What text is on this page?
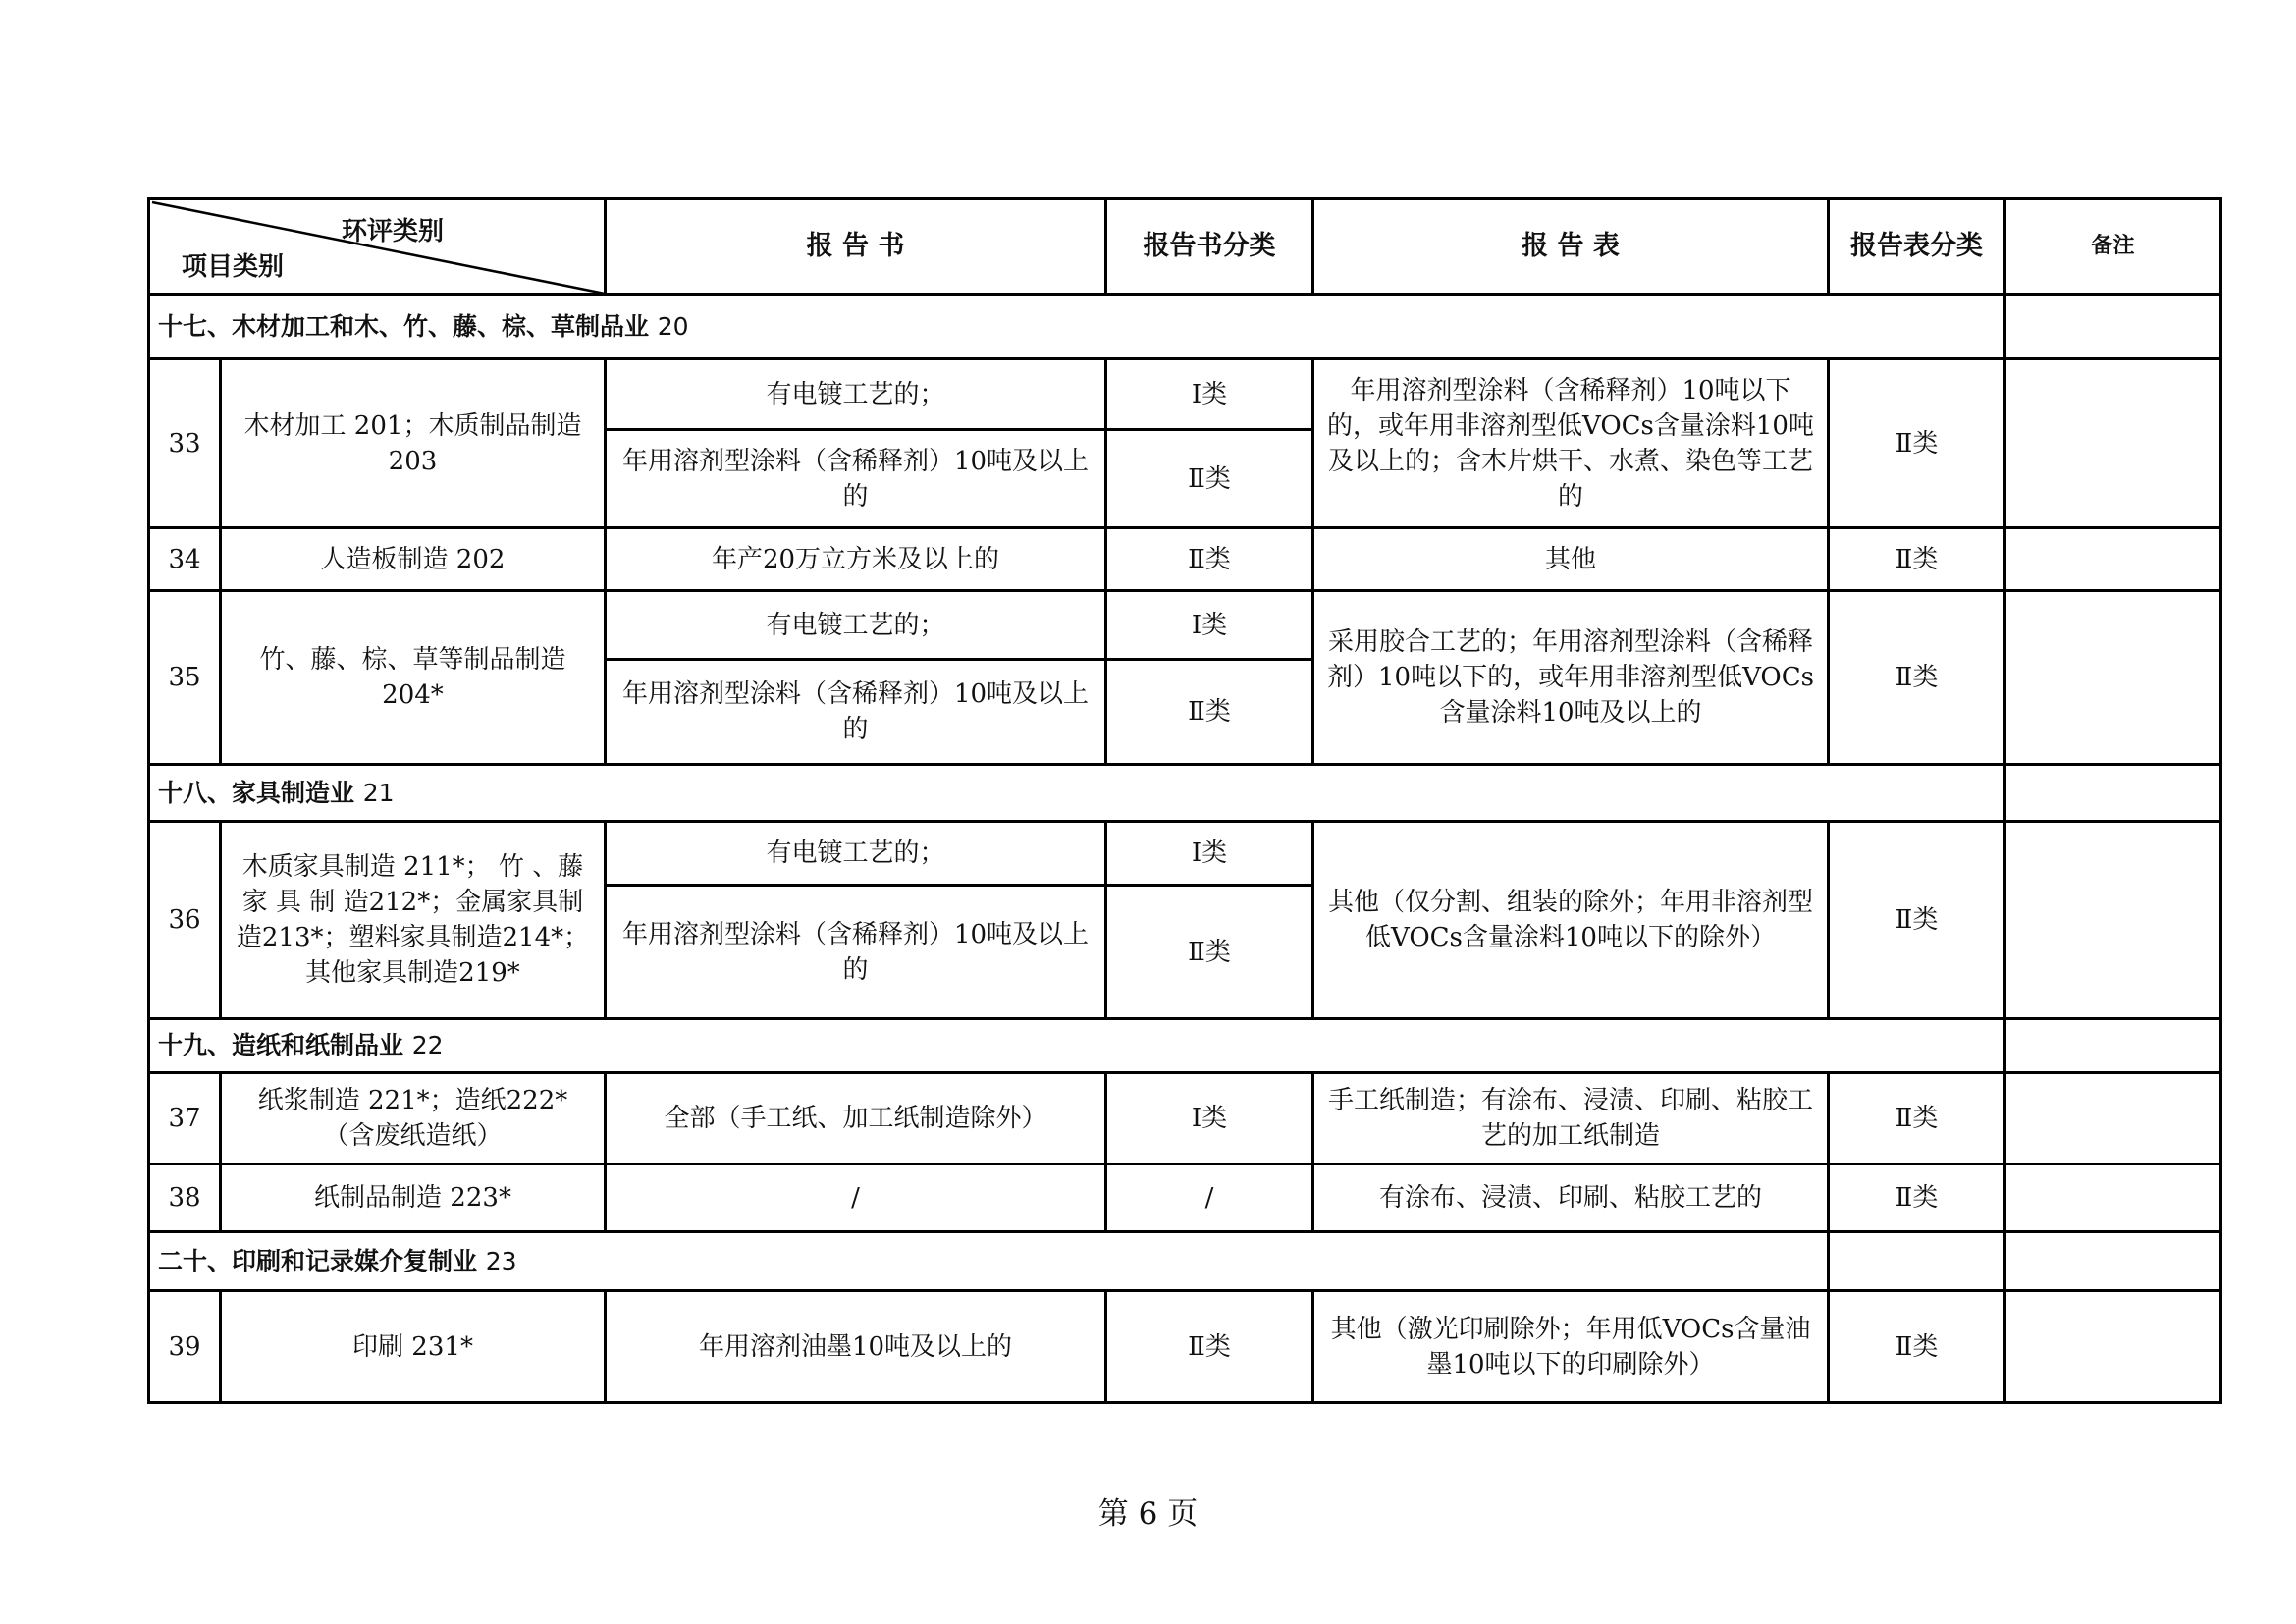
环评类别
项目类别		报 告 书	报告书分类	报 告 表	报告表分类	备注
十七、木材加工和木、竹、藤、棕、草制品业 20						
33	木材加工 201；木质制品制造203	有电镀工艺的；	Ⅰ类	年用溶剂型涂料（含稀释剂）10吨以下的，或年用非溶剂型低VOCs含量涂料10吨及以上的；含木片烘干、水煮、染色等工艺的	Ⅱ类	
		年用溶剂型涂料（含稀释剂）10吨及以上的	Ⅱ类			
34	人造板制造 202	年产20万立方米及以上的	Ⅱ类	其他	Ⅱ类	
35	竹、藤、棕、草等制品制造204*	有电镀工艺的；	Ⅰ类	采用胶合工艺的；年用溶剂型涂料（含稀释剂）10吨以下的，或年用非溶剂型低VOCs含量涂料10吨及以上的	Ⅱ类	
		年用溶剂型涂料（含稀释剂）10吨及以上的	Ⅱ类			
十八、家具制造业 21						
36	木质家具制造 211*； 竹 、藤 家 具 制 造212*；金属家具制造213*；塑料家具制造214*；其他家具制造219*	有电镀工艺的；	Ⅰ类	其他（仅分割、组装的除外；年用非溶剂型低VOCs含量涂料10吨以下的除外）	Ⅱ类	
		年用溶剂型涂料（含稀释剂）10吨及以上的	Ⅱ类			
十九、造纸和纸制品业 22						
37	纸浆制造 221*；造纸222*（含废纸造纸）	全部（手工纸、加工纸制造除外）	Ⅰ类	手工纸制造；有涂布、浸渍、印刷、粘胶工艺的加工纸制造	Ⅱ类	
38	纸制品制造 223*	/	/	有涂布、浸渍、印刷、粘胶工艺的	Ⅱ类	
二十、印刷和记录媒介复制业 23						
39	印刷 231*	年用溶剂油墨10吨及以上的	Ⅱ类	其他（激光印刷除外；年用低VOCs含量油墨10吨以下的印刷除外）	Ⅱ类	
第 6 页
